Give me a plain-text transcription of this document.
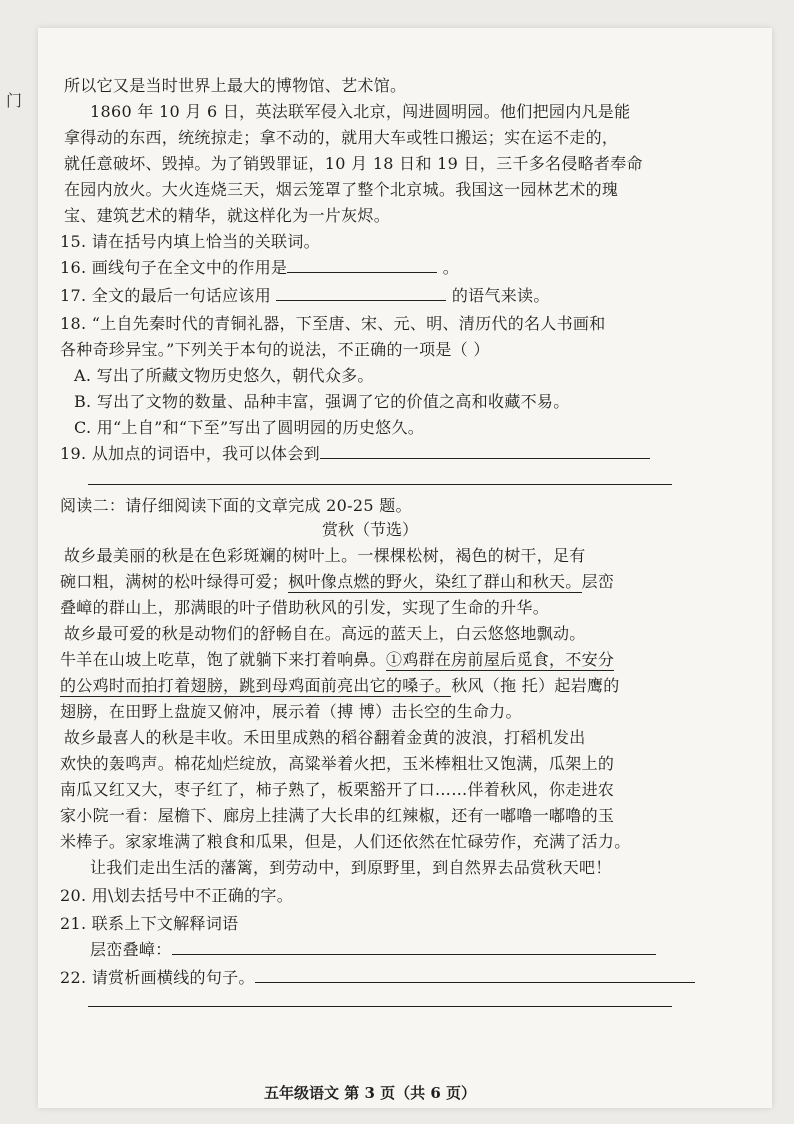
门
所以它又是当时世界上最大的博物馆、艺术馆。
1860 年 10 月 6 日，英法联军侵入北京，闯进圆明园。他们把园内凡是能
拿得动的东西，统统掠走；拿不动的，就用大车或牲口搬运；实在运不走的，
就任意破坏、毁掉。为了销毁罪证，10 月 18 日和 19 日，三千多名侵略者奉命
在园内放火。大火连烧三天，烟云笼罩了整个北京城。我国这一园林艺术的瑰
宝、建筑艺术的精华，就这样化为一片灰烬。
15. 请在括号内填上恰当的关联词。
16. 画线句子在全文中的作用是	。
17. 全文的最后一句话应该用	的语气来读。
18. “上自先秦时代的青铜礼器，下至唐、宋、元、明、清历代的名人书画和
各种奇珍异宝。”下列关于本句的说法，不正确的一项是（ ）
A. 写出了所藏文物历史悠久，朝代众多。
B. 写出了文物的数量、品种丰富，强调了它的价值之高和收藏不易。
C. 用“上自”和“下至”写出了圆明园的历史悠久。
19. 从加点的词语中，我可以体会到
阅读二：请仔细阅读下面的文章完成 20-25 题。
赏秋（节选）
故乡最美丽的秋是在色彩斑斓的树叶上。一棵棵松树，褐色的树干，足有
碗口粗，满树的松叶绿得可爱；枫叶像点燃的野火，染红了群山和秋天。层峦
叠嶂的群山上，那满眼的叶子借助秋风的引发，实现了生命的升华。
故乡最可爱的秋是动物们的舒畅自在。高远的蓝天上，白云悠悠地飘动。
牛羊在山坡上吃草，饱了就躺下来打着响鼻。①鸡群在房前屋后觅食，不安分
的公鸡时而拍打着翅膀，跳到母鸡面前亮出它的嗓子。秋风（拖 托）起岩鹰的
翅膀，在田野上盘旋又俯冲，展示着（搏 博）击长空的生命力。
故乡最喜人的秋是丰收。禾田里成熟的稻谷翻着金黄的波浪，打稻机发出
欢快的轰鸣声。棉花灿烂绽放，高粱举着火把，玉米棒粗壮又饱满，瓜架上的
南瓜又红又大，枣子红了，柿子熟了，板栗豁开了口……伴着秋风，你走进农
家小院一看：屋檐下、廊房上挂满了大长串的红辣椒，还有一嘟噜一嘟噜的玉
米棒子。家家堆满了粮食和瓜果，但是，人们还依然在忙碌劳作，充满了活力。
让我们走出生活的藩篱，到劳动中，到原野里，到自然界去品赏秋天吧！
20. 用\划去括号中不正确的字。
21. 联系上下文解释词语
层峦叠嶂：
22. 请赏析画横线的句子。
五年级语文 第 3 页（共 6 页）
